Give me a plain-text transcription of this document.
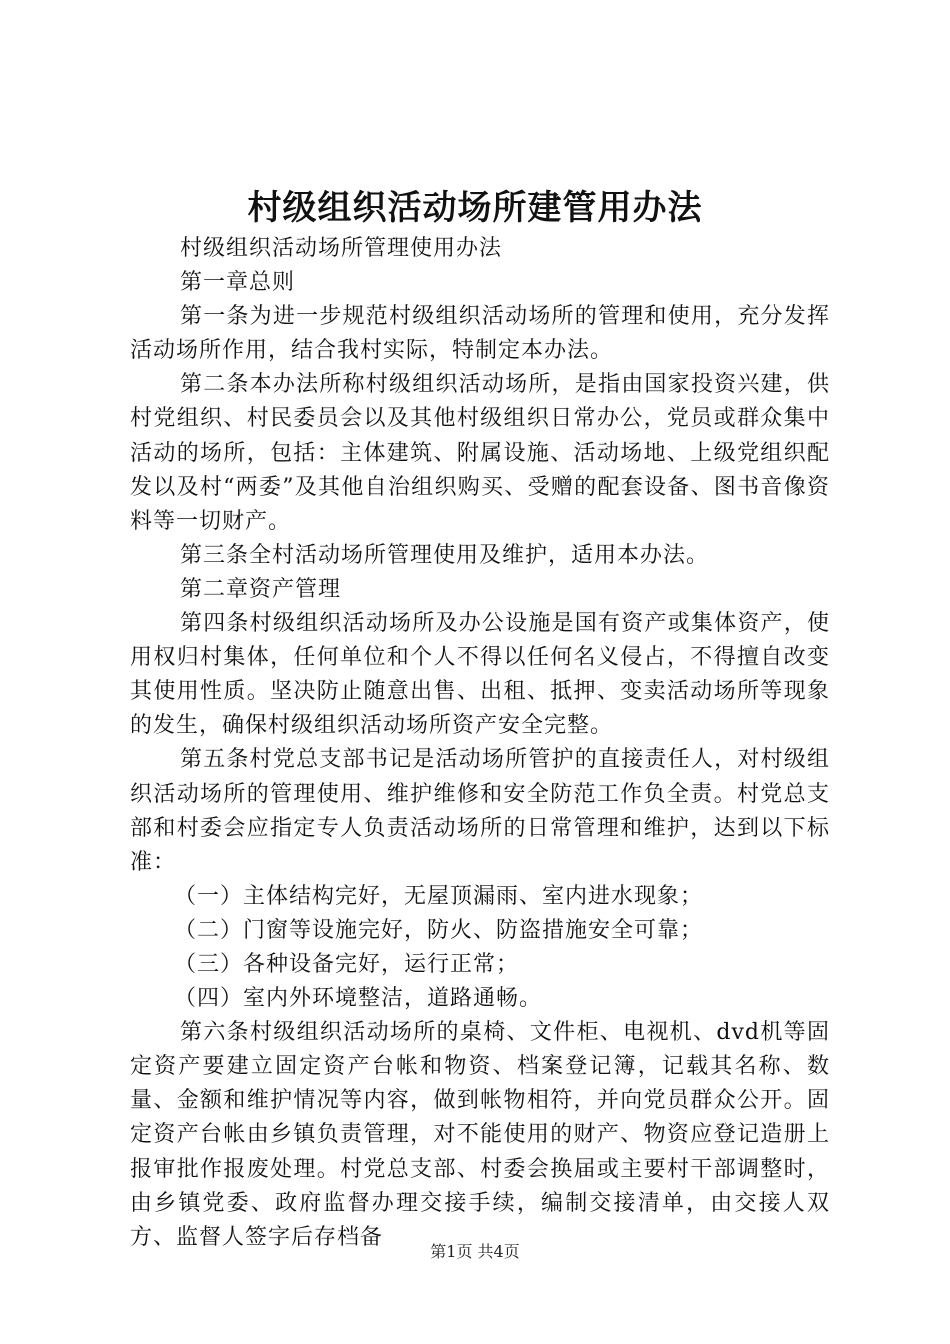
村级组织活动场所建管用办法

村级组织活动场所管理使用办法

第一章总则

第一条为进一步规范村级组织活动场所的管理和使用，充分发挥活动场所作用，结合我村实际，特制定本办法。

第二条本办法所称村级组织活动场所，是指由国家投资兴建，供村党组织、村民委员会以及其他村级组织日常办公，党员或群众集中活动的场所，包括：主体建筑、附属设施、活动场地、上级党组织配发以及村“两委”及其他自治组织购买、受赠的配套设备、图书音像资料等一切财产。

第三条全村活动场所管理使用及维护，适用本办法。

第二章资产管理

第四条村级组织活动场所及办公设施是国有资产或集体资产，使用权归村集体，任何单位和个人不得以任何名义侵占，不得擅自改变其使用性质。坚决防止随意出售、出租、抵押、变卖活动场所等现象的发生，确保村级组织活动场所资产安全完整。

第五条村党总支部书记是活动场所管护的直接责任人，对村级组织活动场所的管理使用、维护维修和安全防范工作负全责。村党总支部和村委会应指定专人负责活动场所的日常管理和维护，达到以下标准：

（一）主体结构完好，无屋顶漏雨、室内进水现象；

（二）门窗等设施完好，防火、防盗措施安全可靠；

（三）各种设备完好，运行正常；

（四）室内外环境整洁，道路通畅。

第六条村级组织活动场所的桌椅、文件柜、电视机、dvd机等固定资产要建立固定资产台帐和物资、档案登记簿，记载其名称、数量、金额和维护情况等内容，做到帐物相符，并向党员群众公开。固定资产台帐由乡镇负责管理，对不能使用的财产、物资应登记造册上报审批作报废处理。村党总支部、村委会换届或主要村干部调整时，由乡镇党委、政府监督办理交接手续，编制交接清单，由交接人双方、监督人签字后存档备

第1页 共4页
